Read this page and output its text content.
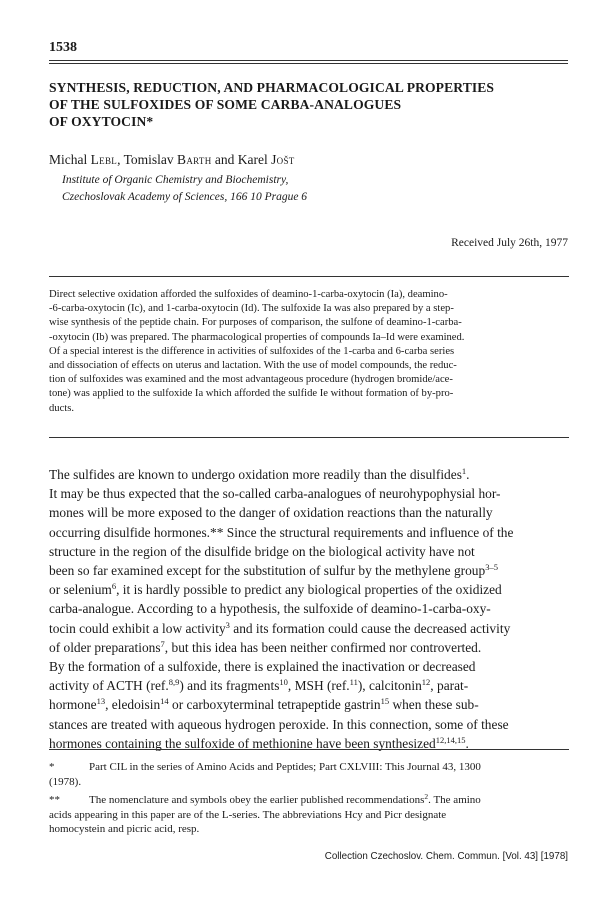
1538
SYNTHESIS, REDUCTION, AND PHARMACOLOGICAL PROPERTIES
OF THE SULFOXIDES OF SOME CARBA-ANALOGUES
OF OXYTOCIN*
Michal Lebl, Tomislav Barth and Karel Jošt
Institute of Organic Chemistry and Biochemistry,
Czechoslovak Academy of Sciences, 166 10 Prague 6
Received July 26th, 1977
Direct selective oxidation afforded the sulfoxides of deamino-1-carba-oxytocin (Ia), deamino-
-6-carba-oxytocin (Ic), and 1-carba-oxytocin (Id). The sulfoxide Ia was also prepared by a step-
wise synthesis of the peptide chain. For purposes of comparison, the sulfone of deamino-1-carba-
-oxytocin (Ib) was prepared. The pharmacological properties of compounds Ia–Id were examined.
Of a special interest is the difference in activities of sulfoxides of the 1-carba and 6-carba series
and dissociation of effects on uterus and lactation. With the use of model compounds, the reduc-
tion of sulfoxides was examined and the most advantageous procedure (hydrogen bromide/ace-
tone) was applied to the sulfoxide Ia which afforded the sulfide Ie without formation of by-pro-
ducts.
The sulfides are known to undergo oxidation more readily than the disulfides$^1$.
It may be thus expected that the so-called carba-analogues of neurohypophysial hor-
mones will be more exposed to the danger of oxidation reactions than the naturally
occurring disulfide hormones.** Since the structural requirements and influence of the
structure in the region of the disulfide bridge on the biological activity have not
been so far examined except for the substitution of sulfur by the methylene group$^{3-5}$
or selenium$^6$, it is hardly possible to predict any biological properties of the oxidized
carba-analogue. According to a hypothesis, the sulfoxide of deamino-1-carba-oxy-
tocin could exhibit a low activity$^3$ and its formation could cause the decreased activity
of older preparations$^7$, but this idea has been neither confirmed nor controverted.
By the formation of a sulfoxide, there is explained the inactivation or decreased
activity of ACTH (ref.$^{8,9}$) and its fragments$^{10}$, MSH (ref.$^{11}$), calcitonin$^{12}$, parat-
hormone$^{13}$, eledoisin$^{14}$ or carboxyterminal tetrapeptide gastrin$^{15}$ when these sub-
stances are treated with aqueous hydrogen peroxide. In this connection, some of these
hormones containing the sulfoxide of methionine have been synthesized$^{12,14,15}$.
*	Part CIL in the series of Amino Acids and Peptides; Part CXLVIII: This Journal 43, 1300
(1978).
**	The nomenclature and symbols obey the earlier published recommendations$^2$. The amino
acids appearing in this paper are of the L-series. The abbreviations Hcy and Picr designate
homocystein and picric acid, resp.
Collection Czechoslov. Chem. Commun. [Vol. 43] [1978]
